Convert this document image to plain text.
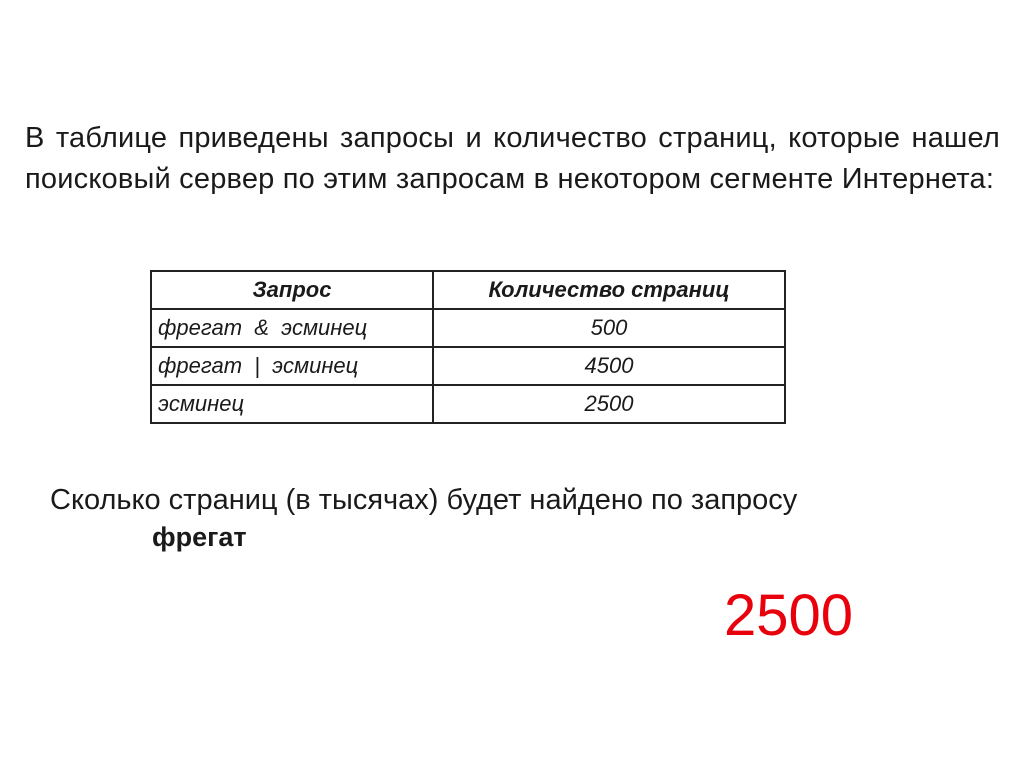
В таблице приведены запросы и количество страниц, которые нашел поисковый сервер по этим запросам в некотором сегменте Интернета:

Запрос	Количество страниц
фрегат  &  эсминец	500
фрегат  |  эсминец	4500
эсминец	2500

Сколько страниц (в тысячах) будет найдено по запросу

фрегат

2500
